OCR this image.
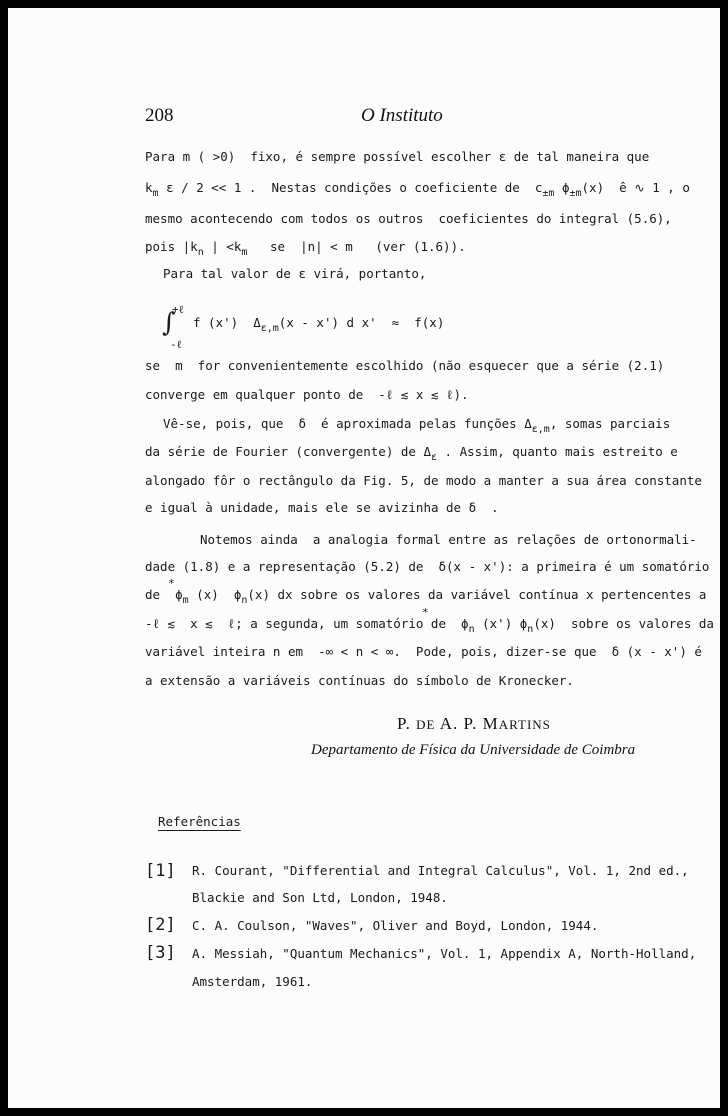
208	O Instituto
Para m ( >0)  fixo, é sempre possível escolher ε de tal maneira que
$k_m$ ε / 2 << 1 .  Nestas condições o coeficiente de  $c_{\pm m}$ $\phi_{\pm m}(x)$  ê ∿ 1 , o
mesmo acontecendo com todos os outros  coeficientes do integral (5.6),
pois $|k_n$ | $<k_m$   se  |n| < m   (ver (1.6)).
Para tal valor de ε virá, portanto,
+ℓ
∫
-ℓ
f (x')  $\Delta_{\varepsilon,m}(x - x')$ d x'  ≈  f(x)
se  m  for convenientemente escolhido (não esquecer que a série (2.1)
converge em qualquer ponto de  -ℓ ≲ x ≲ ℓ).
Vê-se, pois, que  δ  é aproximada pelas funções $\Delta_{\varepsilon,m}$, somas parciais
da série de Fourier (convergente) de $\Delta_\varepsilon$ . Assim, quanto mais estreito e
alongado fôr o rectângulo da Fig. 5, de modo a manter a sua área constante
e igual à unidade, mais ele se avizinha de δ  .
Notemos ainda  a analogia formal entre as relações de ortonormali-
dade (1.8) e a representação (5.2) de  δ(x - x'): a primeira é um somatório
*
de  $\phi_m$ (x)  $\phi_n(x)$ dx sobre os valores da variável contínua x pertencentes a
*
-ℓ ≲  x ≲  ℓ; a segunda, um somatório de  $\phi_n$ (x') $\phi_n(x)$  sobre os valores da
variável inteira n em  -∞ < n < ∞.  Pode, pois, dizer-se que  δ (x - x') é
a extensão a variáveis contínuas do símbolo de Kronecker.
P. DE A. P. MARTINS
Departamento de Física da Universidade de Coimbra
Referências
[1] R. Courant, "Differential and Integral Calculus", Vol. 1, 2nd ed.,
Blackie and Son Ltd, London, 1948.
[2] C. A. Coulson, "Waves", Oliver and Boyd, London, 1944.
[3] A. Messiah, "Quantum Mechanics", Vol. 1, Appendix A, North-Holland,
Amsterdam, 1961.
